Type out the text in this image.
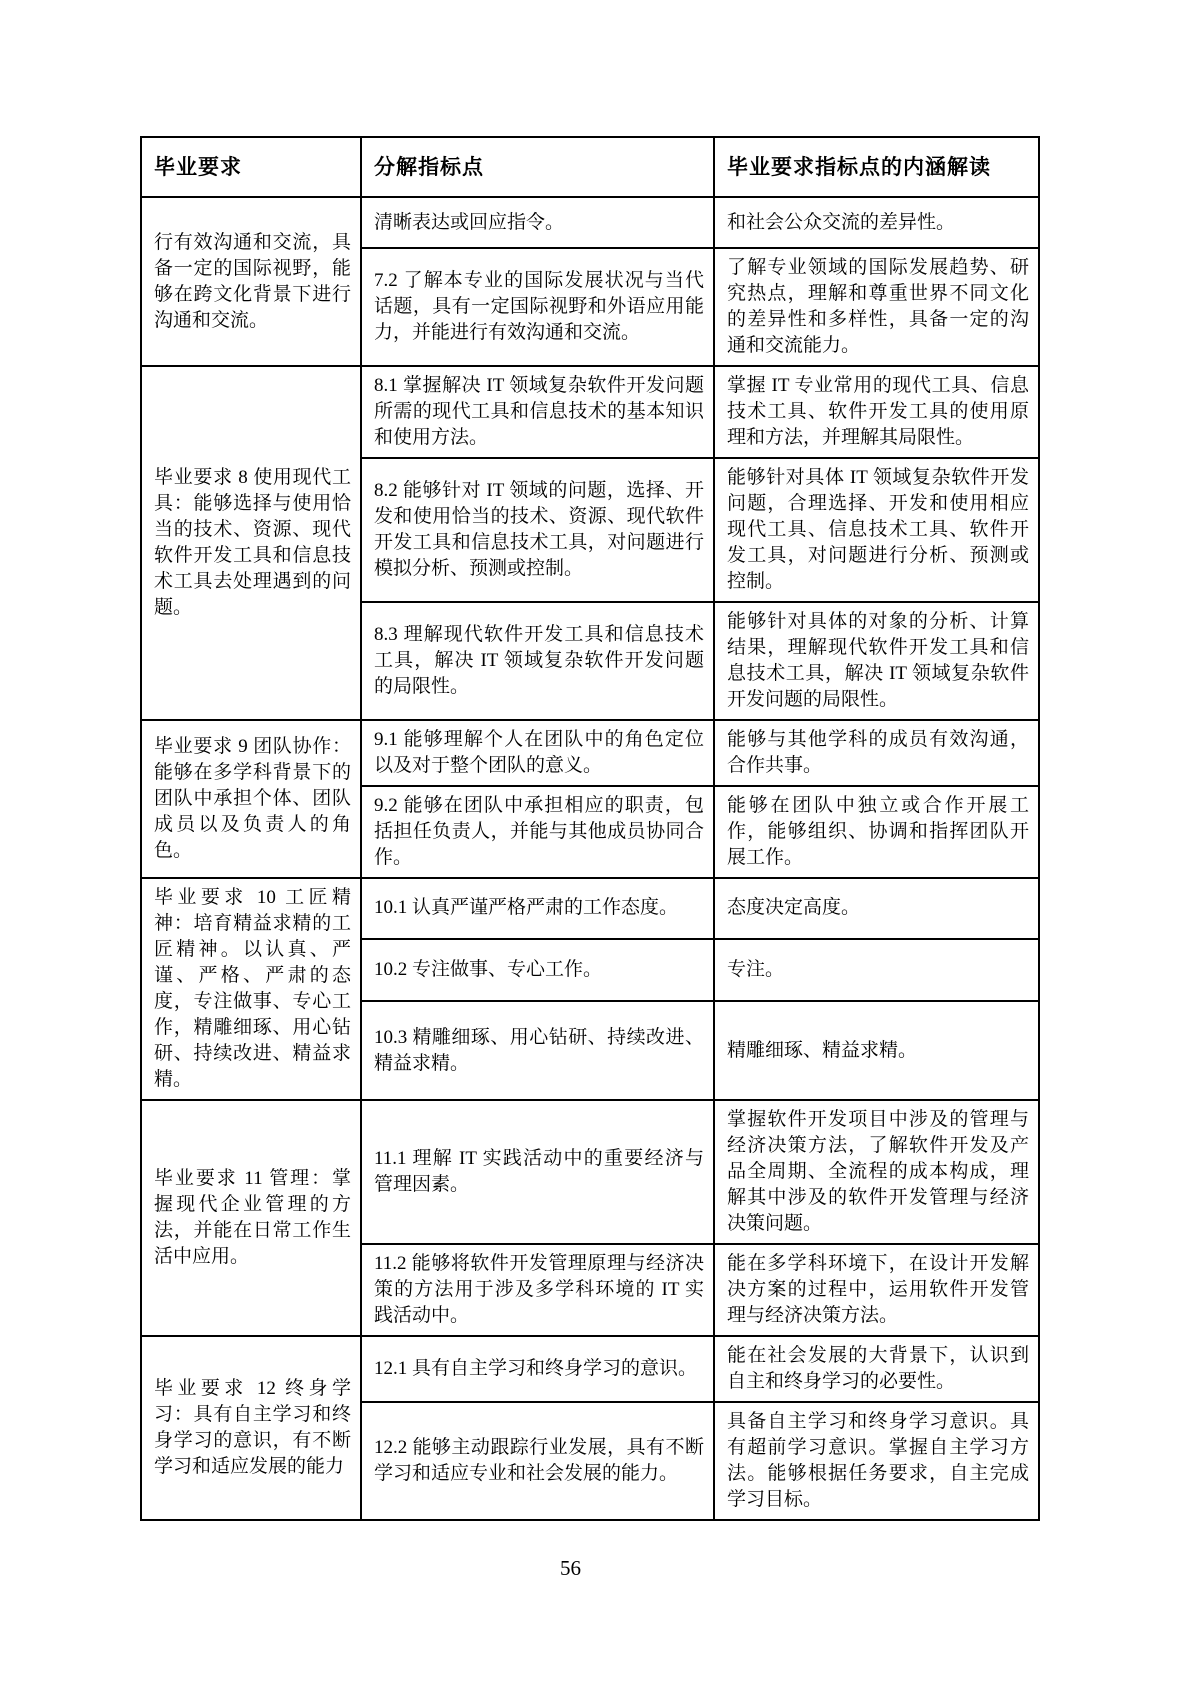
毕业要求	分解指标点	毕业要求指标点的内涵解读
行有效沟通和交流，具备一定的国际视野，能够在跨文化背景下进行沟通和交流。	清晰表达或回应指令。	和社会公众交流的差异性。
	7.2 了解本专业的国际发展状况与当代话题，具有一定国际视野和外语应用能力，并能进行有效沟通和交流。	了解专业领域的国际发展趋势、研究热点，理解和尊重世界不同文化的差异性和多样性，具备一定的沟通和交流能力。
毕业要求 8 使用现代工具：能够选择与使用恰当的技术、资源、现代软件开发工具和信息技术工具去处理遇到的问题。	8.1 掌握解决 IT 领域复杂软件开发问题所需的现代工具和信息技术的基本知识和使用方法。	掌握 IT 专业常用的现代工具、信息技术工具、软件开发工具的使用原理和方法，并理解其局限性。
	8.2 能够针对 IT 领域的问题，选择、开发和使用恰当的技术、资源、现代软件开发工具和信息技术工具，对问题进行模拟分析、预测或控制。	能够针对具体 IT 领域复杂软件开发问题，合理选择、开发和使用相应现代工具、信息技术工具、软件开发工具，对问题进行分析、预测或控制。
	8.3 理解现代软件开发工具和信息技术工具，解决 IT 领域复杂软件开发问题的局限性。	能够针对具体的对象的分析、计算结果，理解现代软件开发工具和信息技术工具，解决 IT 领域复杂软件开发问题的局限性。
毕业要求 9 团队协作：能够在多学科背景下的团队中承担个体、团队成员以及负责人的角色。	9.1 能够理解个人在团队中的角色定位以及对于整个团队的意义。	能够与其他学科的成员有效沟通，合作共事。
	9.2 能够在团队中承担相应的职责，包括担任负责人，并能与其他成员协同合作。	能够在团队中独立或合作开展工作，能够组织、协调和指挥团队开展工作。
毕业要求 10 工匠精神：培育精益求精的工匠精神。以认真、严谨、严格、严肃的态度，专注做事、专心工作，精雕细琢、用心钻研、持续改进、精益求精。	10.1 认真严谨严格严肃的工作态度。	态度决定高度。
	10.2 专注做事、专心工作。	专注。
	10.3 精雕细琢、用心钻研、持续改进、精益求精。	精雕细琢、精益求精。
毕业要求 11 管理：掌握现代企业管理的方法，并能在日常工作生活中应用。	11.1 理解 IT 实践活动中的重要经济与管理因素。	掌握软件开发项目中涉及的管理与经济决策方法，了解软件开发及产品全周期、全流程的成本构成，理解其中涉及的软件开发管理与经济决策问题。
	11.2 能够将软件开发管理原理与经济决策的方法用于涉及多学科环境的 IT 实践活动中。	能在多学科环境下，在设计开发解决方案的过程中，运用软件开发管理与经济决策方法。
毕业要求 12 终身学习：具有自主学习和终身学习的意识，有不断学习和适应发展的能力	12.1 具有自主学习和终身学习的意识。	能在社会发展的大背景下，认识到自主和终身学习的必要性。
	12.2 能够主动跟踪行业发展，具有不断学习和适应专业和社会发展的能力。	具备自主学习和终身学习意识。具有超前学习意识。掌握自主学习方法。能够根据任务要求，自主完成学习目标。
56
